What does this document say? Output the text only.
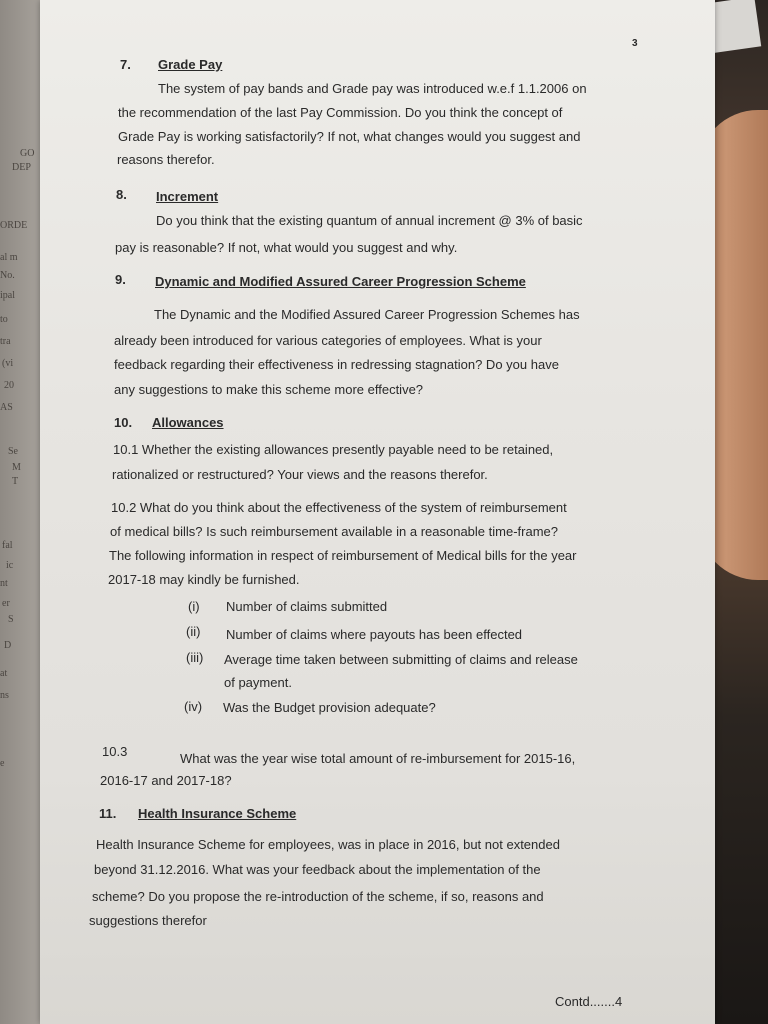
GO
DEP
ORDE
al m
No.
ipal
to
tra
(vi
20
AS
Se
M
T
fal
ic
nt
er
S
D
at
ns
e
3
7. Grade Pay
The system of pay bands and Grade pay was introduced w.e.f 1.1.2006 on
the recommendation of the last Pay Commission. Do you think the concept of
Grade Pay is working satisfactorily? If not, what changes would you suggest and
reasons therefor.
8. Increment
Do you think that the existing quantum of annual increment @ 3% of basic
pay is reasonable? If not, what would you suggest and why.
9. Dynamic and Modified Assured Career Progression Scheme
The Dynamic and the Modified Assured Career Progression Schemes has
already been introduced for various categories of employees. What is your
feedback regarding their effectiveness in redressing stagnation? Do you have
any suggestions to make this scheme more effective?
10. Allowances
10.1 Whether the existing allowances presently payable need to be retained,
rationalized or restructured? Your views and the reasons therefor.
10.2 What do you think about the effectiveness of the system of reimbursement
of medical bills? Is such reimbursement available in a reasonable time-frame?
The following information in respect of reimbursement of Medical bills for the year
2017-18 may kindly be furnished.
(i) Number of claims submitted
(ii) Number of claims where payouts has been effected
(iii) Average time taken between submitting of claims and release
of payment.
(iv) Was the Budget provision adequate?
10.3	What was the year wise total amount of re-imbursement for 2015-16,
2016-17 and 2017-18?
11. Health Insurance Scheme
Health Insurance Scheme for employees, was in place in 2016, but not extended
beyond 31.12.2016. What was your feedback about the implementation of the
scheme? Do you propose the re-introduction of the scheme, if so, reasons and
suggestions therefor
Contd.......4
